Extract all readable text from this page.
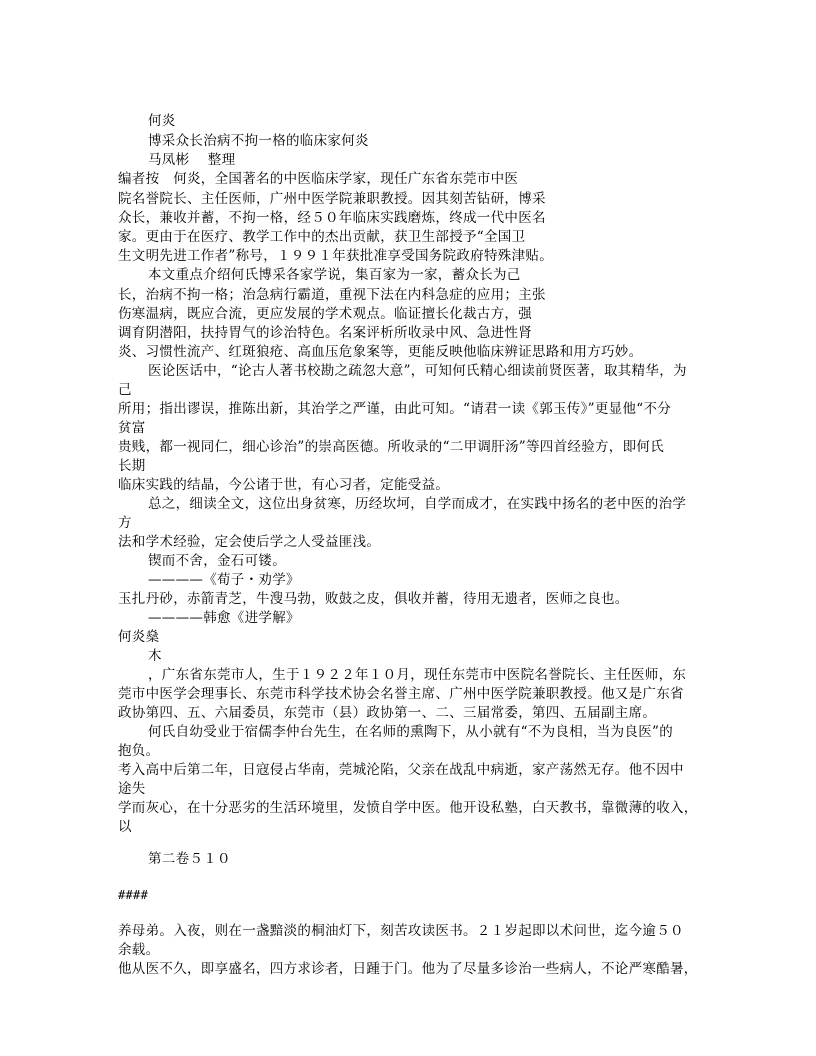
何炎
博采众长治病不拘一格的临床家何炎
马凤彬　 整理
编者按　何炎，全国著名的中医临床学家，现任广东省东莞市中医
院名誉院长、主任医师，广州中医学院兼职教授。因其刻苦钻研，博采
众长，兼收并蓄，不拘一格，经５０年临床实践磨炼，终成一代中医名
家。更由于在医疗、教学工作中的杰出贡献，获卫生部授予“全国卫
生文明先进工作者”称号，１９９１年获批准享受国务院政府特殊津贴。
本文重点介绍何氏博采各家学说，集百家为一家，蓄众长为己
长，治病不拘一格；治急病行霸道，重视下法在内科急症的应用；主张
伤寒温病，既应合流，更应发展的学术观点。临证擅长化裁古方，强
调育阴潜阳，扶持胃气的诊治特色。名案评析所收录中风、急进性肾
炎、习惯性流产、红斑狼疮、高血压危象案等，更能反映他临床辨证思路和用方巧妙。
医论医话中，“论古人著书校勘之疏忽大意”，可知何氏精心细读前贤医著，取其精华，为
己
所用；指出谬误，推陈出新，其治学之严谨，由此可知。“请君一读《郭玉传》”更显他“不分
贫富
贵贱，都一视同仁，细心诊治”的崇高医德。所收录的“二甲调肝汤”等四首经验方，即何氏
长期
临床实践的结晶，今公诸于世，有心习者，定能受益。
总之，细读全文，这位出身贫寒，历经坎坷，自学而成才，在实践中扬名的老中医的治学
方
法和学术经验，定会使后学之人受益匪浅。
锲而不舍，金石可镂。
————《荀子・劝学》
玉扎丹砂，赤箭青芝，牛溲马勃，败鼓之皮，俱收并蓄，待用无遗者，医师之良也。
————韩愈《进学解》
何炎燊
木
，广东省东莞市人，生于１９２２年１０月，现任东莞市中医院名誉院长、主任医师，东
莞市中医学会理事长、东莞市科学技术协会名誉主席、广州中医学院兼职教授。他又是广东省
政协第四、五、六届委员，东莞市（县）政协第一、二、三届常委，第四、五届副主席。
何氏自幼受业于宿儒李仲台先生，在名师的熏陶下，从小就有“不为良相，当为良医”的
抱负。
考入高中后第二年，日寇侵占华南，莞城沦陷，父亲在战乱中病逝，家产荡然无存。他不因中
途失
学而灰心，在十分恶劣的生活环境里，发愤自学中医。他开设私塾，白天教书，靠微薄的收入，
以
第二卷５１０
####
养母弟。入夜，则在一盏黯淡的桐油灯下，刻苦攻读医书。２１岁起即以术问世，迄今逾５０
余载。
他从医不久，即享盛名，四方求诊者，日踵于门。他为了尽量多诊治一些病人，不论严寒酷暑，
